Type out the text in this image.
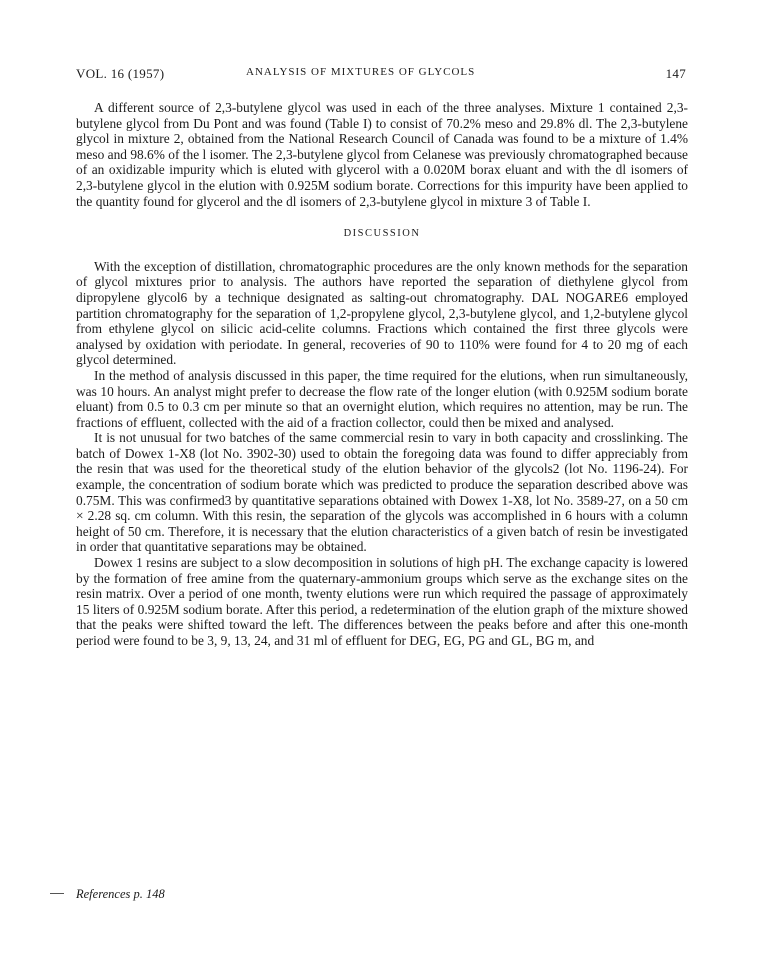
VOL. 16 (1957)	ANALYSIS OF MIXTURES OF GLYCOLS	147

A different source of 2,3-butylene glycol was used in each of the three analyses. Mixture 1 contained 2,3-butylene glycol from Du Pont and was found (Table I) to consist of 70.2% meso and 29.8% dl. The 2,3-butylene glycol in mixture 2, obtained from the National Research Council of Canada was found to be a mixture of 1.4% meso and 98.6% of the l isomer. The 2,3-butylene glycol from Celanese was previously chromatographed because of an oxidizable impurity which is eluted with glycerol with a 0.020M borax eluant and with the dl isomers of 2,3-butylene glycol in the elution with 0.925M sodium borate. Corrections for this impurity have been applied to the quantity found for glycerol and the dl isomers of 2,3-butylene glycol in mixture 3 of Table I.

DISCUSSION

With the exception of distillation, chromatographic procedures are the only known methods for the separation of glycol mixtures prior to analysis. The authors have reported the separation of diethylene glycol from dipropylene glycol6 by a technique designated as salting-out chromatography. DAL NOGARE6 employed partition chromatography for the separation of 1,2-propylene glycol, 2,3-butylene glycol, and 1,2-butylene glycol from ethylene glycol on silicic acid-celite columns. Fractions which contained the first three glycols were analysed by oxidation with periodate. In general, recoveries of 90 to 110% were found for 4 to 20 mg of each glycol determined.

In the method of analysis discussed in this paper, the time required for the elutions, when run simultaneously, was 10 hours. An analyst might prefer to decrease the flow rate of the longer elution (with 0.925M sodium borate eluant) from 0.5 to 0.3 cm per minute so that an overnight elution, which requires no attention, may be run. The fractions of effluent, collected with the aid of a fraction collector, could then be mixed and analysed.

It is not unusual for two batches of the same commercial resin to vary in both capacity and crosslinking. The batch of Dowex 1-X8 (lot No. 3902-30) used to obtain the foregoing data was found to differ appreciably from the resin that was used for the theoretical study of the elution behavior of the glycols2 (lot No. 1196-24). For example, the concentration of sodium borate which was predicted to produce the separation described above was 0.75M. This was confirmed3 by quantitative separations obtained with Dowex 1-X8, lot No. 3589-27, on a 50 cm × 2.28 sq. cm column. With this resin, the separation of the glycols was accomplished in 6 hours with a column height of 50 cm. Therefore, it is necessary that the elution characteristics of a given batch of resin be investigated in order that quantitative separations may be obtained.

Dowex 1 resins are subject to a slow decomposition in solutions of high pH. The exchange capacity is lowered by the formation of free amine from the quaternary-ammonium groups which serve as the exchange sites on the resin matrix. Over a period of one month, twenty elutions were run which required the passage of approximately 15 liters of 0.925M sodium borate. After this period, a redetermination of the elution graph of the mixture showed that the peaks were shifted toward the left. The differences between the peaks before and after this one-month period were found to be 3, 9, 13, 24, and 31 ml of effluent for DEG, EG, PG and GL, BG m, and

References p. 148
